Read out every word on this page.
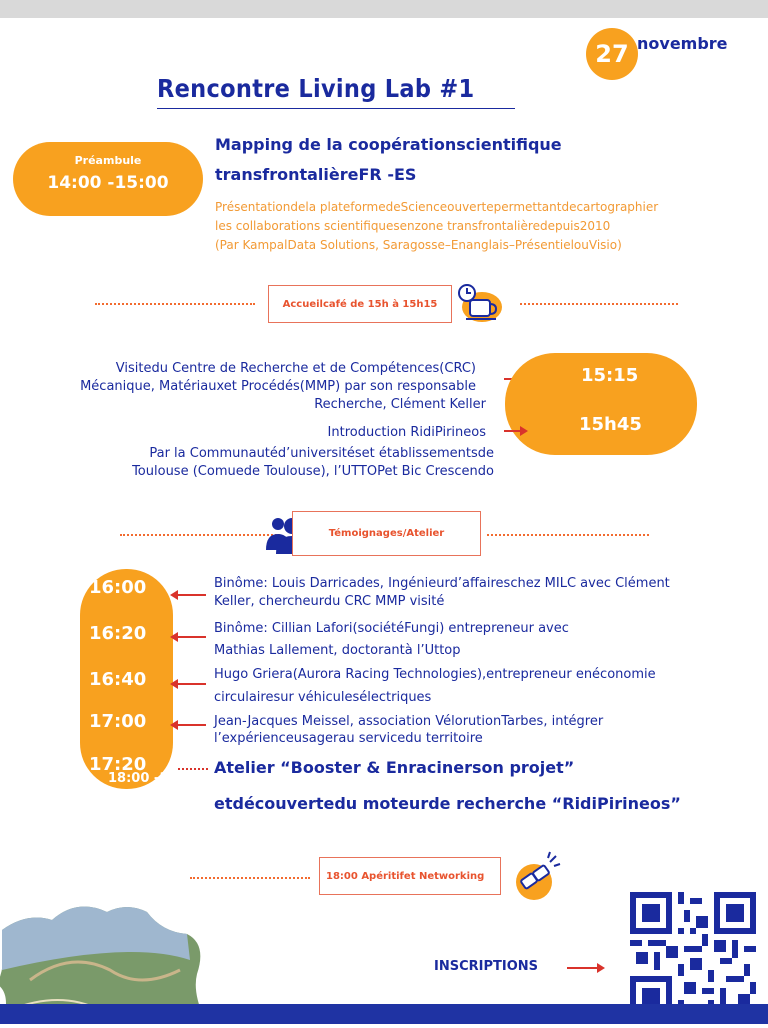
27 novembre
Rencontre Living Lab #1
Préambule
14:00 -15:00
Mapping de la coopérationscientifique
transfrontalièreFR -ES
Présentationdela plateformedeScienceouvertepermettantdecartographier
les collaborations scientifiquesenzone transfrontalièredepuis2010
(Par KampalData Solutions, Saragosse–Enanglais–PrésentielouVisio)
Accueilcafé de 15h à 15h15
Visitedu Centre de Recherche et de Compétences(CRC)
Mécanique, Matériauxet Procédés(MMP) par son responsable
Recherche, Clément Keller
15:15
15h45
Introduction RidiPirineos
Par la Communautéd’universitéset établissementsde
Toulouse (Comuede Toulouse), l’UTTOPet Bic Crescendo
Témoignages/Atelier
16:00
16:20
16:40
17:00
17:20
18:00 -19:00
Binôme: Louis Darricades, Ingénieurd’affaireschez MILC avec Clément
Keller, chercheurdu CRC MMP visité
Binôme: Cillian Lafori(sociétéFungi) entrepreneur avec
Mathias Lallement, doctorantà l’Uttop
Hugo Griera(Aurora Racing Technologies),entrepreneur enéconomie
circulairesur véhiculesélectriques
Jean-Jacques Meissel, association VélorutionTarbes, intégrer
l’expérienceusagerau servicedu territoire
Atelier “Booster & Enracinerson projet”
etdécouvertedu moteurde recherche “RidiPirineos”
18:00 Apéritifet Networking
INSCRIPTIONS
